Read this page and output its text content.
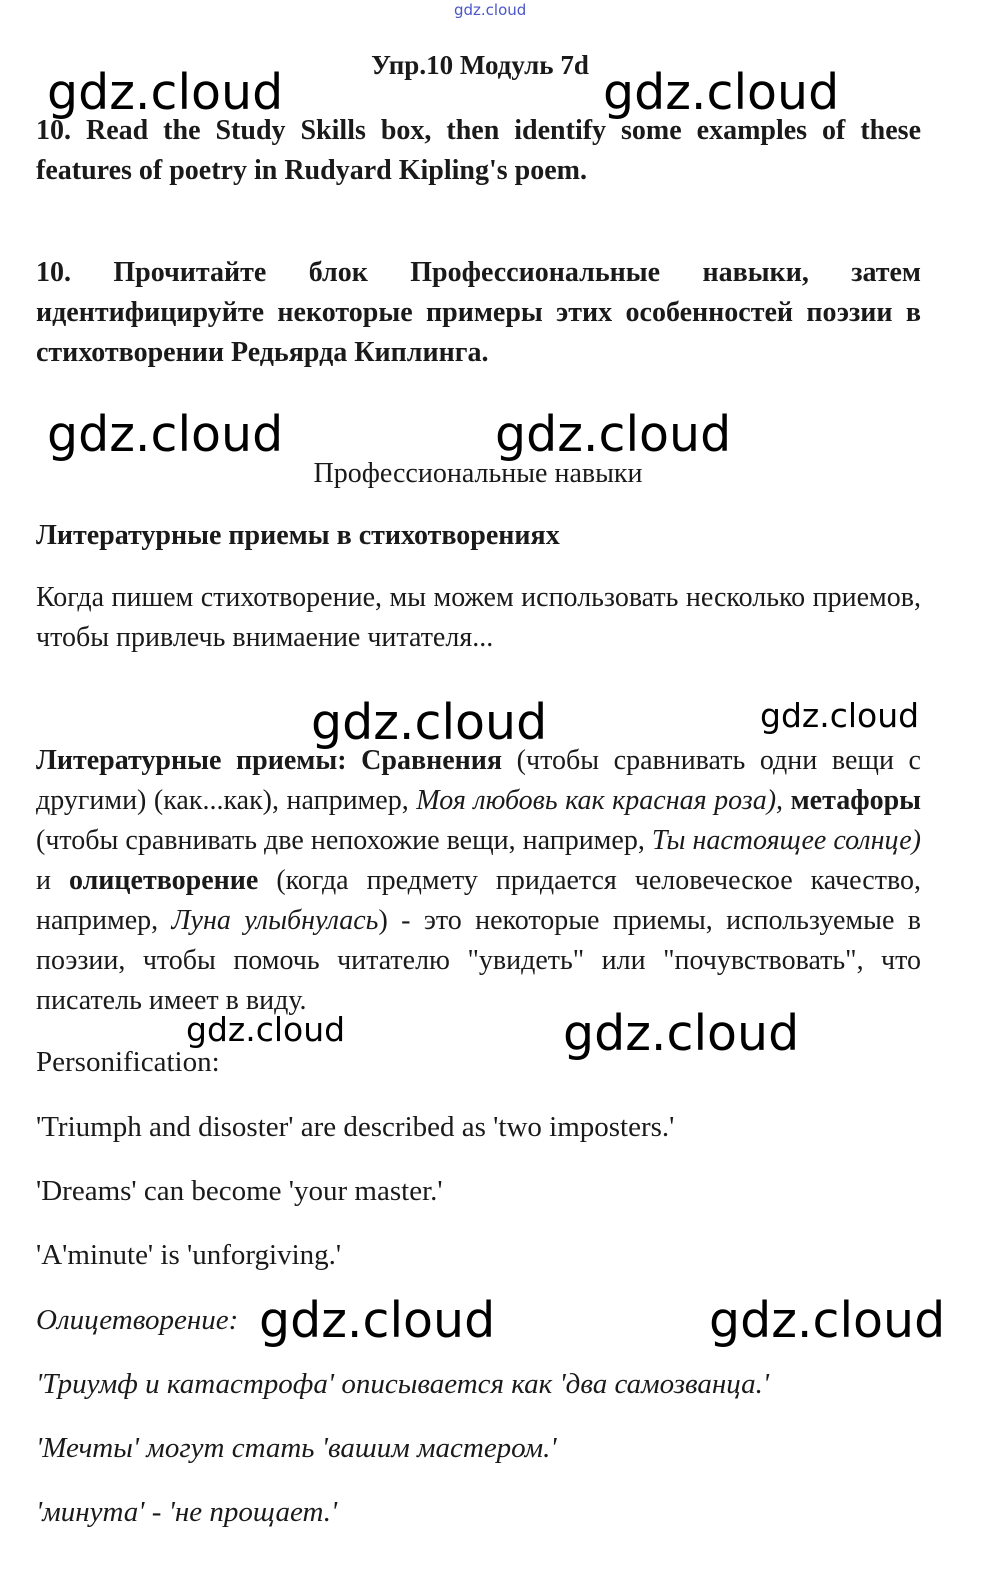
gdz.cloud
gdz.cloud	gdz.cloud
gdz.cloud	gdz.cloud
gdz.cloud	gdz.cloud
gdz.cloud	gdz.cloud
gdz.cloud	gdz.cloud
Упр.10 Модуль 7d
10. Read the Study Skills box, then identify some examples of these features of poetry in Rudyard Kipling's poem.
10. Прочитайте блок Профессиональные навыки, затем идентифицируйте некоторые примеры этих особенностей поэзии в стихотворении Редьярда Киплинга.
Профессиональные навыки
Литературные приемы в стихотворениях
Когда пишем стихотворение, мы можем использовать несколько приемов, чтобы привлечь внимаение читателя...
Литературные приемы: Сравнения (чтобы сравнивать одни вещи с другими) (как...как), например, Моя любовь как красная роза), метафоры (чтобы сравнивать две непохожие вещи, например, Ты настоящее солнце) и олицетворение (когда предмету придается человеческое качество, например, Луна улыбнулась) - это некоторые приемы, используемые в поэзии, чтобы помочь читателю "увидеть" или "почувствовать", что писатель имеет в виду.
Personification:
'Triumph and disoster' are described as 'two imposters.'
'Dreams' can become 'your master.'
'A'minute' is 'unforgiving.'
Олицетворение:
'Триумф и катастрофа' описывается как 'два самозванца.'
'Мечты' могут стать 'вашим мастером.'
'минута' - 'не прощает.'
